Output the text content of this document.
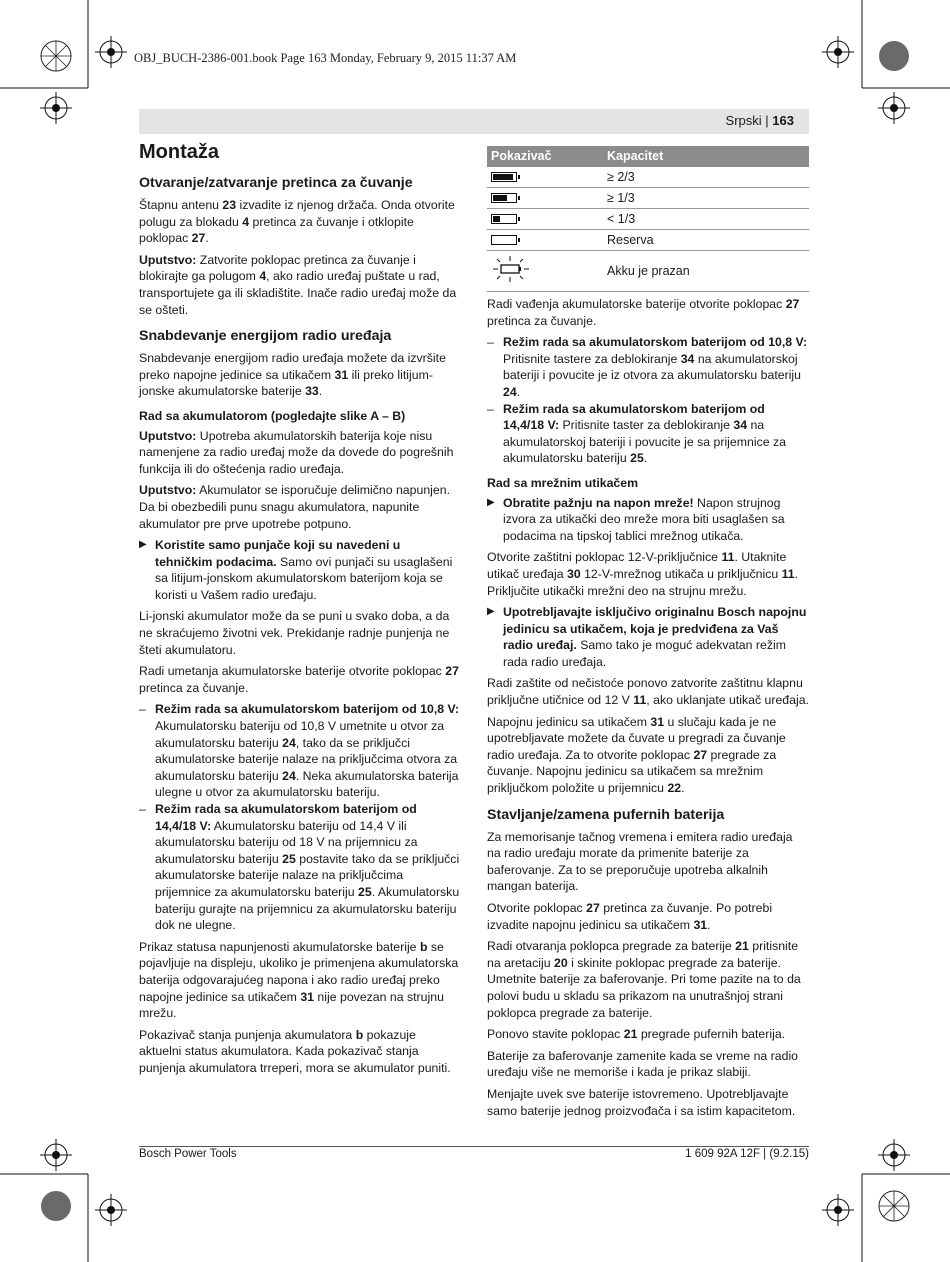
OBJ_BUCH-2386-001.book Page 163 Monday, February 9, 2015 11:37 AM
Srpski | 163
Montaža
Otvaranje/zatvaranje pretinca za čuvanje

Štapnu antenu 23 izvadite iz njenog držača. Onda otvorite polugu za blokadu 4 pretinca za čuvanje i otklopite poklopac 27.

Uputstvo: Zatvorite poklopac pretinca za čuvanje i blokirajte ga polugom 4, ako radio uređaj puštate u rad, transportujete ga ili skladištite. Inače radio uređaj može da se ošteti.

Snabdevanje energijom radio uređaja

Snabdevanje energijom radio uređaja možete da izvršite preko napojne jedinice sa utikačem 31 ili preko litijum-jonske akumulatorske baterije 33.

Rad sa akumulatorom (pogledajte slike A – B)

Uputstvo: Upotreba akumulatorskih baterija koje nisu namenjene za radio uređaj može da dovede do pogrešnih funkcija ili do oštećenja radio uređaja.

Uputstvo: Akumulator se isporučuje delimično napunjen. Da bi obezbedili punu snagu akumulatora, napunite akumulator pre prve upotrebe potpuno.

▶ Koristite samo punjače koji su navedeni u tehničkim podacima. Samo ovi punjači su usaglašeni sa litijum-jonskom akumulatorskom baterijom koja se koristi u Vašem radio uređaju.

Li-jonski akumulator može da se puni u svako doba, a da ne skraćujemo životni vek. Prekidanje radnje punjenja ne šteti akumulatoru.

Radi umetanja akumulatorske baterije otvorite poklopac 27 pretinca za čuvanje.

– Režim rada sa akumulatorskom baterijom od 10,8 V: Akumulatorsku bateriju od 10,8 V umetnite u otvor za akumulatorsku bateriju 24, tako da se priključci akumulatorske baterije nalaze na priključcima otvora za akumulatorsku bateriju 24. Neka akumulatorska baterija ulegne u otvor za akumulatorsku bateriju.
– Režim rada sa akumulatorskom baterijom od 14,4/18 V: Akumulatorsku bateriju od 14,4 V ili akumulatorsku bateriju od 18 V na prijemnicu za akumulatorsku bateriju 25 postavite tako da se priključci akumulatorske baterije nalaze na priključcima prijemnice za akumulatorsku bateriju 25. Akumulatorsku bateriju gurajte na prijemnicu za akumulatorsku bateriju dok ne ulegne.

Prikaz statusa napunjenosti akumulatorske baterije b se pojavljuje na displeju, ukoliko je primenjena akumulatorska baterija odgovarajućeg napona i ako radio uređaj preko napojne jedinice sa utikačem 31 nije povezan na strujnu mrežu.

Pokazivač stanja punjenja akumulatora b pokazuje aktuelni status akumulatora. Kada pokazivač stanja punjenja akumulatora trreperi, mora se akumulator puniti.

Pokazivač	Kapacitet

	≥ 2/3

	≥ 1/3

	< 1/3
	Reserva
	Akku je prazan

Radi vađenja akumulatorske baterije otvorite poklopac 27 pretinca za čuvanje.

– Režim rada sa akumulatorskom baterijom od 10,8 V: Pritisnite tastere za deblokiranje 34 na akumulatorskoj bateriji i povucite je iz otvora za akumulatorsku bateriju 24.
– Režim rada sa akumulatorskom baterijom od 14,4/18 V: Pritisnite taster za deblokiranje 34 na akumulatorskoj bateriji i povucite je sa prijemnice za akumulatorsku bateriju 25.
Rad sa mrežnim utikačem
▶ Obratite pažnju na napon mreže! Napon strujnog izvora za utikački deo mreže mora biti usaglašen sa podacima na tipskoj tablici mrežnog utikača.

Otvorite zaštitni poklopac 12-V-priključnice 11. Utaknite utikač uređaja 30 12-V-mrežnog utikača u priključnicu 11. Priključite utikački mrežni deo na strujnu mrežu.

▶ Upotrebljavajte isključivo originalnu Bosch napojnu jedinicu sa utikačem, koja je predviđena za Vaš radio uređaj. Samo tako je moguć adekvatan režim rada radio uređaja.

Radi zaštite od nečistoće ponovo zatvorite zaštitnu klapnu priključne utičnice od 12 V 11, ako uklanjate utikač uređaja.

Napojnu jedinicu sa utikačem 31 u slučaju kada je ne upotrebljavate možete da čuvate u pregradi za čuvanje radio uređaja. Za to otvorite poklopac 27 pregrade za čuvanje. Napojnu jedinicu sa utikačem sa mrežnim priključkom položite u prijemnicu 22.

Stavljanje/zamena pufernih baterija

Za memorisanje tačnog vremena i emitera radio uređaja na radio uređaju morate da primenite baterije za baferovanje. Za to se preporučuje upotreba alkalnih mangan baterija.

Otvorite poklopac 27 pretinca za čuvanje. Po potrebi izvadite napojnu jedinicu sa utikačem 31.

Radi otvaranja poklopca pregrade za baterije 21 pritisnite na aretaciju 20 i skinite poklopac pregrade za baterije. Umetnite baterije za baferovanje. Pri tome pazite na to da polovi budu u skladu sa prikazom na unutrašnjoj strani poklopca pregrade za baterije.

Ponovo stavite poklopac 21 pregrade pufernih baterija.

Baterije za baferovanje zamenite kada se vreme na radio uređaju više ne memoriše i kada je prikaz slabiji.

Menjajte uvek sve baterije istovremeno. Upotrebljavajte samo baterije jednog proizvođača i sa istim kapacitetom.

Bosch Power Tools	1 609 92A 12F | (9.2.15)
